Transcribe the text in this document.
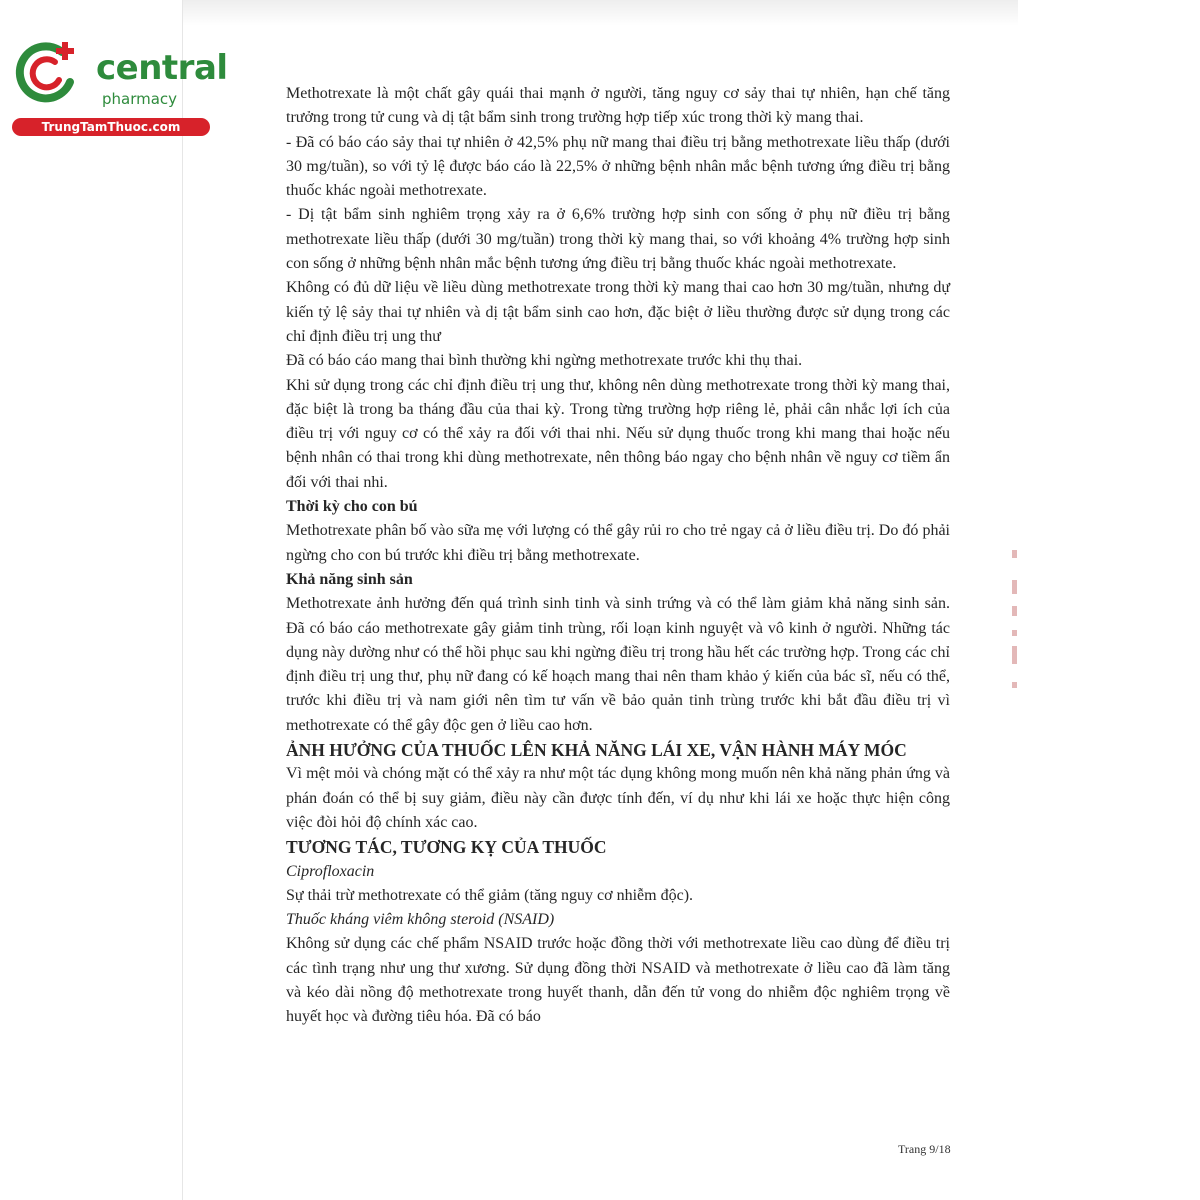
central
pharmacy
TrungTamThuoc.com

Methotrexate là một chất gây quái thai mạnh ở người, tăng nguy cơ sảy thai tự nhiên, hạn chế tăng trưởng trong tử cung và dị tật bẩm sinh trong trường hợp tiếp xúc trong thời kỳ mang thai.

- Đã có báo cáo sảy thai tự nhiên ở 42,5% phụ nữ mang thai điều trị bằng methotrexate liều thấp (dưới 30 mg/tuần), so với tỷ lệ được báo cáo là 22,5% ở những bệnh nhân mắc bệnh tương ứng điều trị bằng thuốc khác ngoài methotrexate.

- Dị tật bẩm sinh nghiêm trọng xảy ra ở 6,6% trường hợp sinh con sống ở phụ nữ điều trị bằng methotrexate liều thấp (dưới 30 mg/tuần) trong thời kỳ mang thai, so với khoảng 4% trường hợp sinh con sống ở những bệnh nhân mắc bệnh tương ứng điều trị bằng thuốc khác ngoài methotrexate.

Không có đủ dữ liệu về liều dùng methotrexate trong thời kỳ mang thai cao hơn 30 mg/tuần, nhưng dự kiến tỷ lệ sảy thai tự nhiên và dị tật bẩm sinh cao hơn, đặc biệt ở liều thường được sử dụng trong các chỉ định điều trị ung thư

Đã có báo cáo mang thai bình thường khi ngừng methotrexate trước khi thụ thai.

Khi sử dụng trong các chỉ định điều trị ung thư, không nên dùng methotrexate trong thời kỳ mang thai, đặc biệt là trong ba tháng đầu của thai kỳ. Trong từng trường hợp riêng lẻ, phải cân nhắc lợi ích của điều trị với nguy cơ có thể xảy ra đối với thai nhi. Nếu sử dụng thuốc trong khi mang thai hoặc nếu bệnh nhân có thai trong khi dùng methotrexate, nên thông báo ngay cho bệnh nhân về nguy cơ tiềm ẩn đối với thai nhi.

Thời kỳ cho con bú

Methotrexate phân bố vào sữa mẹ với lượng có thể gây rủi ro cho trẻ ngay cả ở liều điều trị. Do đó phải ngừng cho con bú trước khi điều trị bằng methotrexate.

Khả năng sinh sản

Methotrexate ảnh hưởng đến quá trình sinh tinh và sinh trứng và có thể làm giảm khả năng sinh sản. Đã có báo cáo methotrexate gây giảm tinh trùng, rối loạn kinh nguyệt và vô kinh ở người. Những tác dụng này dường như có thể hồi phục sau khi ngừng điều trị trong hầu hết các trường hợp. Trong các chỉ định điều trị ung thư, phụ nữ đang có kế hoạch mang thai nên tham khảo ý kiến của bác sĩ, nếu có thể, trước khi điều trị và nam giới nên tìm tư vấn về bảo quản tinh trùng trước khi bắt đầu điều trị vì methotrexate có thể gây độc gen ở liều cao hơn.

ẢNH HƯỞNG CỦA THUỐC LÊN KHẢ NĂNG LÁI XE, VẬN HÀNH MÁY MÓC

Vì mệt mỏi và chóng mặt có thể xảy ra như một tác dụng không mong muốn nên khả năng phản ứng và phán đoán có thể bị suy giảm, điều này cần được tính đến, ví dụ như khi lái xe hoặc thực hiện công việc đòi hỏi độ chính xác cao.

TƯƠNG TÁC, TƯƠNG KỴ CỦA THUỐC

Ciprofloxacin

Sự thải trừ methotrexate có thể giảm (tăng nguy cơ nhiễm độc).

Thuốc kháng viêm không steroid (NSAID)

Không sử dụng các chế phẩm NSAID trước hoặc đồng thời với methotrexate liều cao dùng để điều trị các tình trạng như ung thư xương. Sử dụng đồng thời NSAID và methotrexate ở liều cao đã làm tăng và kéo dài nồng độ methotrexate trong huyết thanh, dẫn đến tử vong do nhiễm độc nghiêm trọng về huyết học và đường tiêu hóa. Đã có báo

Trang 9/18
